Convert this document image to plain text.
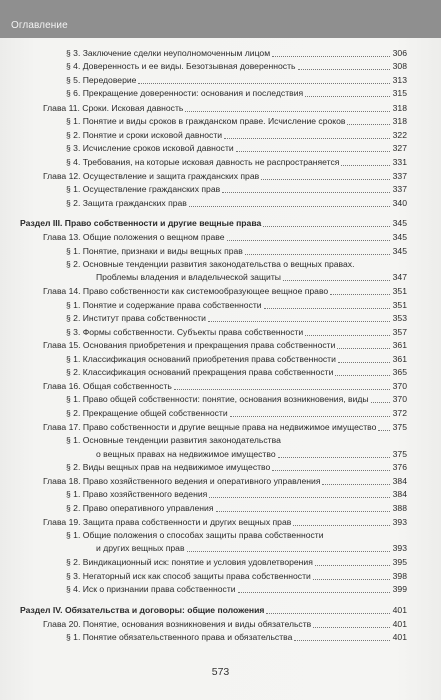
Оглавление
§ 3. Заключение сделки неуполномоченным лицом	306
§ 4. Доверенность и ее виды. Безотзывная доверенность	308
§ 5. Передоверие	313
§ 6. Прекращение доверенности: основания и последствия	315
Глава 11. Сроки. Исковая давность	318
§ 1. Понятие и виды сроков в гражданском праве. Исчисление сроков	318
§ 2. Понятие и сроки исковой давности	322
§ 3. Исчисление сроков исковой давности	327
§ 4. Требования, на которые исковая давность не распространяется	331
Глава 12. Осуществление и защита гражданских прав	337
§ 1. Осуществление гражданских прав	337
§ 2. Защита гражданских прав	340
Раздел III. Право собственности и другие вещные права	345
Глава 13. Общие положения о вещном праве	345
§ 1. Понятие, признаки и виды вещных прав	345
§ 2. Основные тенденции развития законодательства о вещных правах.
Проблемы владения и владельческой защиты	347
Глава 14. Право собственности как системообразующее вещное право	351
§ 1. Понятие и содержание права собственности	351
§ 2. Институт права собственности	353
§ 3. Формы собственности. Субъекты права собственности	357
Глава 15. Основания приобретения и прекращения права собственности	361
§ 1. Классификация оснований приобретения права собственности	361
§ 2. Классификация оснований прекращения права собственности	365
Глава 16. Общая собственность	370
§ 1. Право общей собственности: понятие, основания возникновения, виды	370
§ 2. Прекращение общей собственности	372
Глава 17. Право собственности и другие вещные права на недвижимое имущество 375
§ 1. Основные тенденции развития законодательства
о вещных правах на недвижимое имущество	375
§ 2. Виды вещных прав на недвижимое имущество	376
Глава 18. Право хозяйственного ведения и оперативного управления	384
§ 1. Право хозяйственного ведения	384
§ 2. Право оперативного управления	388
Глава 19. Защита права собственности и других вещных прав	393
§ 1. Общие положения о способах защиты права собственности
и других вещных прав	393
§ 2. Виндикационный иск: понятие и условия удовлетворения	395
§ 3. Негаторный иск как способ защиты права собственности	398
§ 4. Иск о признании права собственности	399
Раздел IV. Обязательства и договоры: общие положения	401
Глава 20. Понятие, основания возникновения и виды обязательств	401
§ 1. Понятие обязательственного права и обязательства	401
573
